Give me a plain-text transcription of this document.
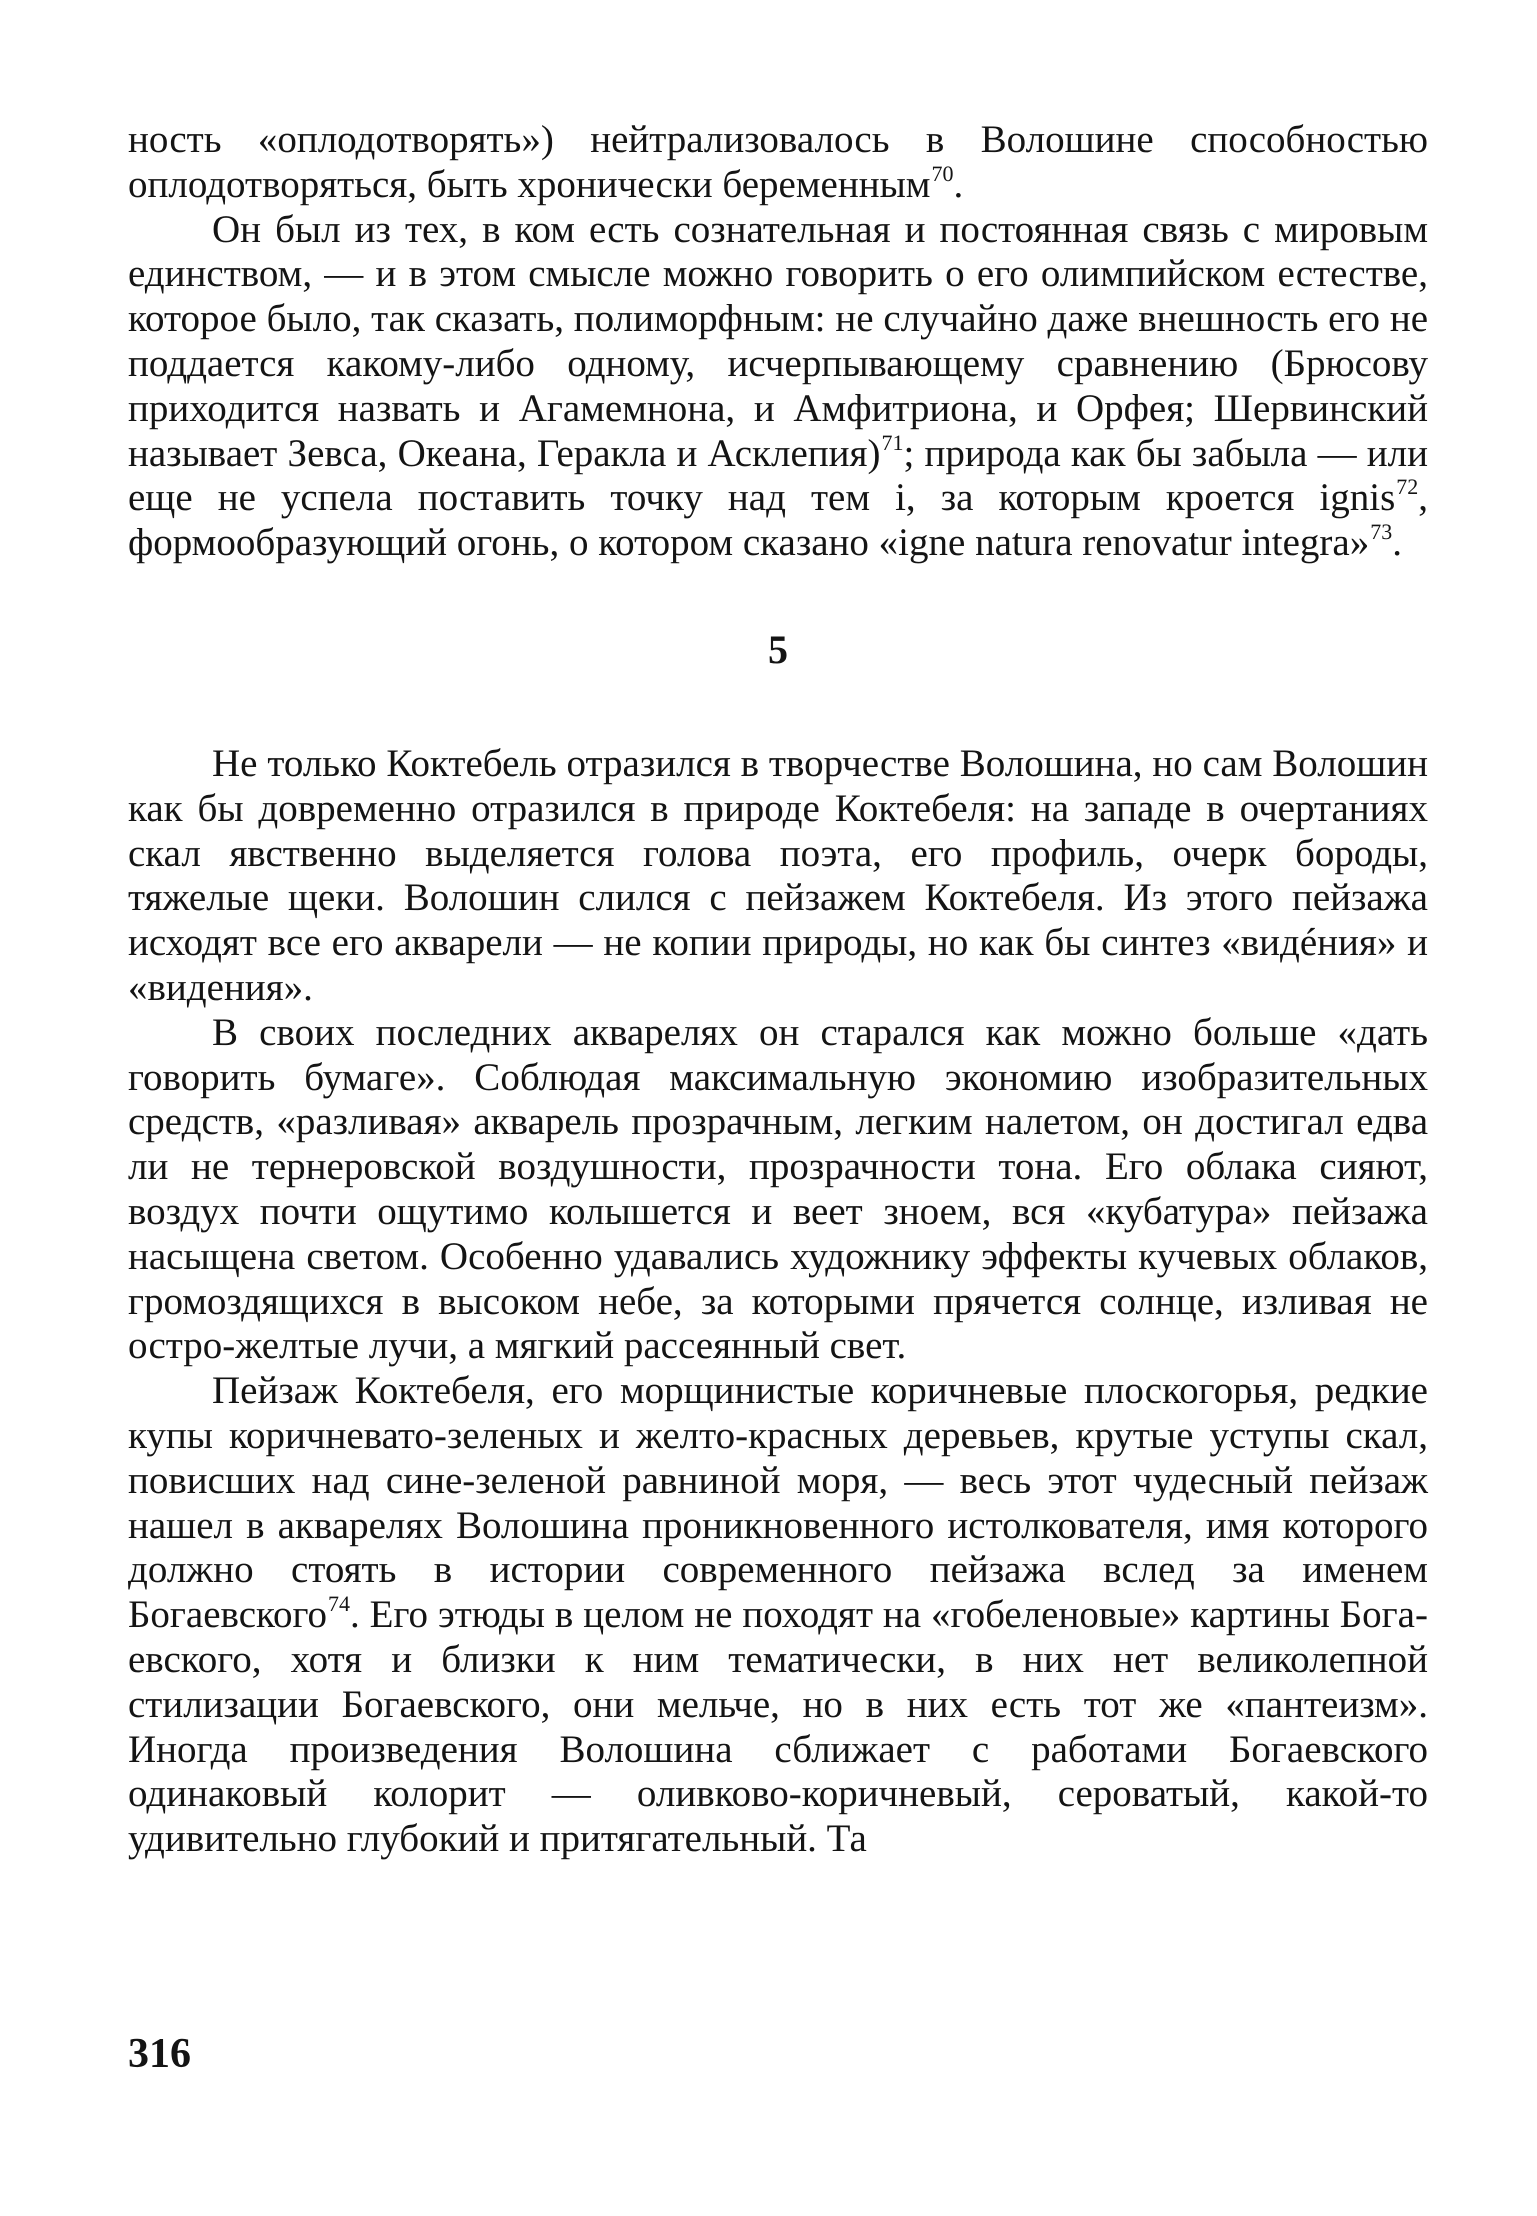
ность «оплодотворять») нейтрализовалось в Волошине способностью оплодотворяться, быть хронически беременным$^{70}$.

Он был из тех, в ком есть сознательная и постоянная связь с мировым единством, — и в этом смысле можно говорить о его олимпийском естестве, которое было, так сказать, полиморфным: не случайно даже внешность его не поддается какому-либо одному, исчерпывающему сравнению (Брюсову приходится назвать и Агамемнона, и Амфитриона, и Орфея; Шервинский называет Зевса, Океана, Геракла и Асклепия)$^{71}$; природа как бы забыла — или еще не успела поставить точку над тем i, за которым кроется ignis$^{72}$, формообразующий огонь, о котором сказано «igne natura renovatur integra»$^{73}$.

5

Не только Коктебель отразился в творчестве Волошина, но сам Волошин как бы довременно отразился в природе Коктебеля: на западе в очертаниях скал явственно выделяется голова поэта, его профиль, очерк бороды, тяжелые щеки. Волошин слился с пейзажем Коктебеля. Из этого пейзажа исходят все его акварели — не копии природы, но как бы синтез «видéния» и «видения».

В своих последних акварелях он старался как можно больше «дать говорить бумаге». Соблюдая максимальную экономию изобразительных средств, «разливая» акварель прозрачным, легким налетом, он достигал едва ли не тернеровской воздушности, прозрачности тона. Его облака сияют, воздух почти ощутимо колышется и веет зноем, вся «кубатура» пейзажа насыщена светом. Особенно удавались художнику эффекты кучевых облаков, громоздящихся в высоком небе, за которыми прячется солнце, изливая не остро-желтые лучи, а мягкий рассеянный свет.

Пейзаж Коктебеля, его морщинистые коричневые плоскогорья, редкие купы коричневато-зеленых и желто-красных деревьев, крутые уступы скал, повисших над сине-зеленой равниной моря, — весь этот чудесный пейзаж нашел в акварелях Волошина проникновенного истолкователя, имя которого должно стоять в истории современного пейзажа вслед за именем Богаевского$^{74}$. Его этюды в целом не походят на «гобеленовые» картины Богаевского, хотя и близки к ним тематически, в них нет великолепной стилизации Богаевского, они мельче, но в них есть тот же «пантеизм». Иногда произведения Волошина сближает с работами Богаевского одинаковый колорит — оливково-коричневый, сероватый, какой-то удивительно глубокий и притягательный. Та

316
